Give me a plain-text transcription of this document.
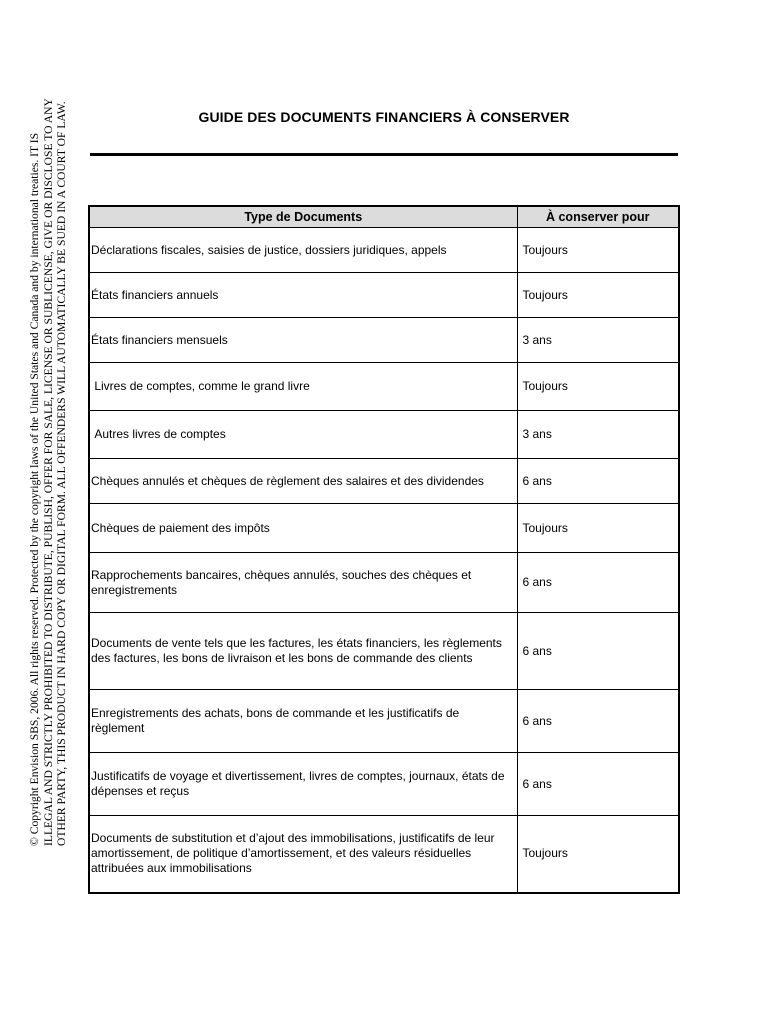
© Copyright Envision SBS, 2006. All rights reserved. Protected by the copyright laws of the United States and Canada and by international treaties. IT IS ILLEGAL AND STRICTLY PROHIBITED TO DISTRIBUTE, PUBLISH, OFFER FOR SALE, LICENSE OR SUBLICENSE, GIVE OR DISCLOSE TO ANY OTHER PARTY, THIS PRODUCT IN HARD COPY OR DIGITAL FORM. ALL OFFENDERS WILL AUTOMATICALLY BE SUED IN A COURT OF LAW.	GUIDE DES DOCUMENTS FINANCIERS À CONSERVER
Type de Documents	À conserver pour
Déclarations fiscales, saisies de justice, dossiers juridiques, appels	Toujours
États financiers annuels	Toujours
États financiers mensuels	3 ans
Livres de comptes, comme le grand livre	Toujours
Autres livres de comptes	3 ans
Chèques annulés et chèques de règlement des salaires et des dividendes	6 ans
Chèques de paiement des impôts	Toujours
Rapprochements bancaires, chèques annulés, souches des chèques et enregistrements	6 ans
Documents de vente tels que les factures, les états financiers, les règlements des factures, les bons de livraison et les bons de commande des clients	6 ans
Enregistrements des achats, bons de commande et les justificatifs de règlement	6 ans
Justificatifs de voyage et divertissement, livres de comptes, journaux, états de dépenses et reçus	6 ans
Documents de substitution et d’ajout des immobilisations, justificatifs de leur amortissement, de politique d’amortissement, et des valeurs résiduelles attribuées aux immobilisations	Toujours
